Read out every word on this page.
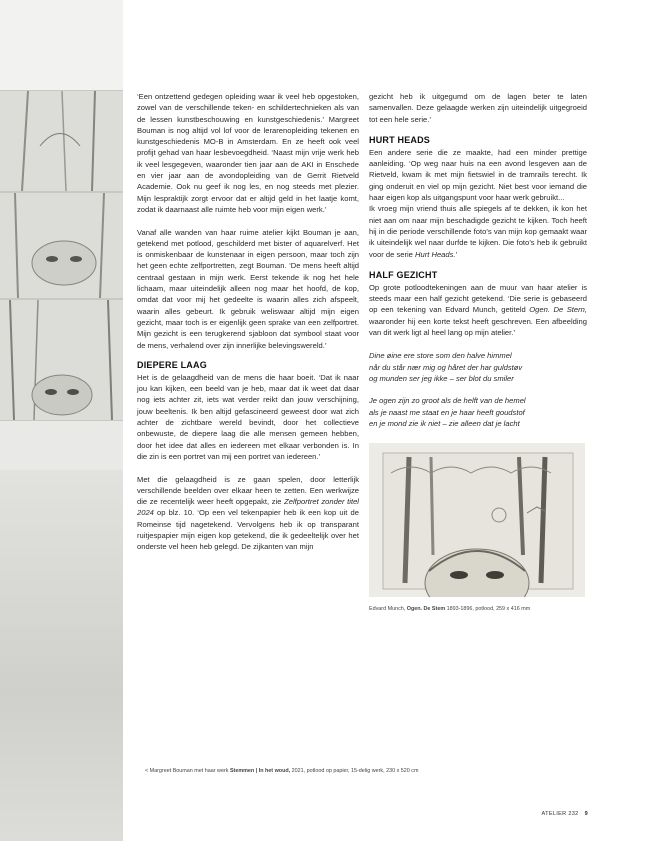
‘Een ontzettend gedegen opleiding waar ik veel heb opgestoken, zowel van de verschillende teken- en schildertechnieken als van de lessen kunstbeschouwing en kunstgeschiedenis.’ Margreet Bouman is nog altijd vol lof voor de lerarenopleiding tekenen en kunstgeschiedenis MO-B in Amsterdam. En ze heeft ook veel profijt gehad van haar lesbevoegdheid. ‘Naast mijn vrije werk heb ik veel lesgegeven, waaronder tien jaar aan de AKI in Enschede en vier jaar aan de avondopleiding van de Gerrit Rietveld Academie. Ook nu geef ik nog les, en nog steeds met plezier. Mijn lespraktijk zorgt ervoor dat er altijd geld in het laatje komt, zodat ik daarnaast alle ruimte heb voor mijn eigen werk.’

Vanaf alle wanden van haar ruime atelier kijkt Bouman je aan, getekend met potlood, geschilderd met bister of aquarelverf. Het is onmiskenbaar de kunstenaar in eigen persoon, maar toch zijn het geen echte zelfportretten, zegt Bouman. ‘De mens heeft altijd centraal gestaan in mijn werk. Eerst tekende ik nog het hele lichaam, maar uiteindelijk alleen nog maar het hoofd, de kop, omdat dat voor mij het gedeelte is waarin alles zich afspeelt, waarin alles gebeurt. Ik gebruik weliswaar altijd mijn eigen gezicht, maar toch is er eigenlijk geen sprake van een zelfportret. Mijn gezicht is een terugkerend sjabloon dat symbool staat voor de mens, verhalend over zijn innerlijke belevingswereld.’

DIEPERE LAAG

Het is de gelaagdheid van de mens die haar boeit. ‘Dat ik naar jou kan kijken, een beeld van je heb, maar dat ik weet dat daar nog iets achter zit, iets wat verder reikt dan jouw verschijning, jouw beeltenis. Ik ben altijd gefascineerd geweest door wat zich achter de zichtbare wereld bevindt, door het collectieve onbewuste, de diepere laag die alle mensen gemeen hebben, door het idee dat alles en iedereen met elkaar verbonden is. In die zin is een portret van mij een portret van iedereen.’

Met die gelaagdheid is ze gaan spelen, door letterlijk verschillende beelden over elkaar heen te zetten. Een werkwijze die ze recentelijk weer heeft opgepakt, zie Zelfportret zonder titel 2024 op blz. 10. ‘Op een vel tekenpapier heb ik een kop uit de Romeinse tijd nagetekend. Vervolgens heb ik op transparant ruitjespapier mijn eigen kop getekend, die ik gedeeltelijk over het onderste vel heen heb gelegd. De zijkanten van mijn

gezicht heb ik uitgegumd om de lagen beter te laten samenvallen. Deze gelaagde werken zijn uiteindelijk uitgegroeid tot een hele serie.’

HURT HEADS

Een andere serie die ze maakte, had een minder prettige aanleiding. ‘Op weg naar huis na een avond lesgeven aan de Rietveld, kwam ik met mijn fietswiel in de tramrails terecht. Ik ging onderuit en viel op mijn gezicht. Niet best voor iemand die haar eigen kop als uitgangspunt voor haar werk gebruikt...

Ik vroeg mijn vriend thuis alle spiegels af te dekken, ik kon het niet aan om naar mijn beschadigde gezicht te kijken. Toch heeft hij in die periode verschillende foto’s van mijn kop gemaakt waar ik uiteindelijk wel naar durfde te kijken. Die foto’s heb ik gebruikt voor de serie Hurt Heads.’

HALF GEZICHT

Op grote potloodtekeningen aan de muur van haar atelier is steeds maar een half gezicht getekend. ‘Die serie is gebaseerd op een tekening van Edvard Munch, getiteld Ogen. De Stern, waaronder hij een korte tekst heeft geschreven. Een afbeelding van dit werk ligt al heel lang op mijn atelier.’

Dine øine ere store som den halve himmel
når du står nær mig og håret der har guldstøv
og munden ser jeg ikke – ser blot du smiler

Je ogen zijn zo groot als de helft van de hemel
als je naast me staat en je haar heeft goudstof
en je mond zie ik niet – zie alleen dat je lacht

Edvard Munch, Ogen. De Stem 1893-1896, potlood, 259 x 416 mm
< Margreet Bouman met haar werk Stemmen | In het woud, 2021, potlood op papier, 15-delig werk, 230 x 520 cm
ATELIER 232 9
